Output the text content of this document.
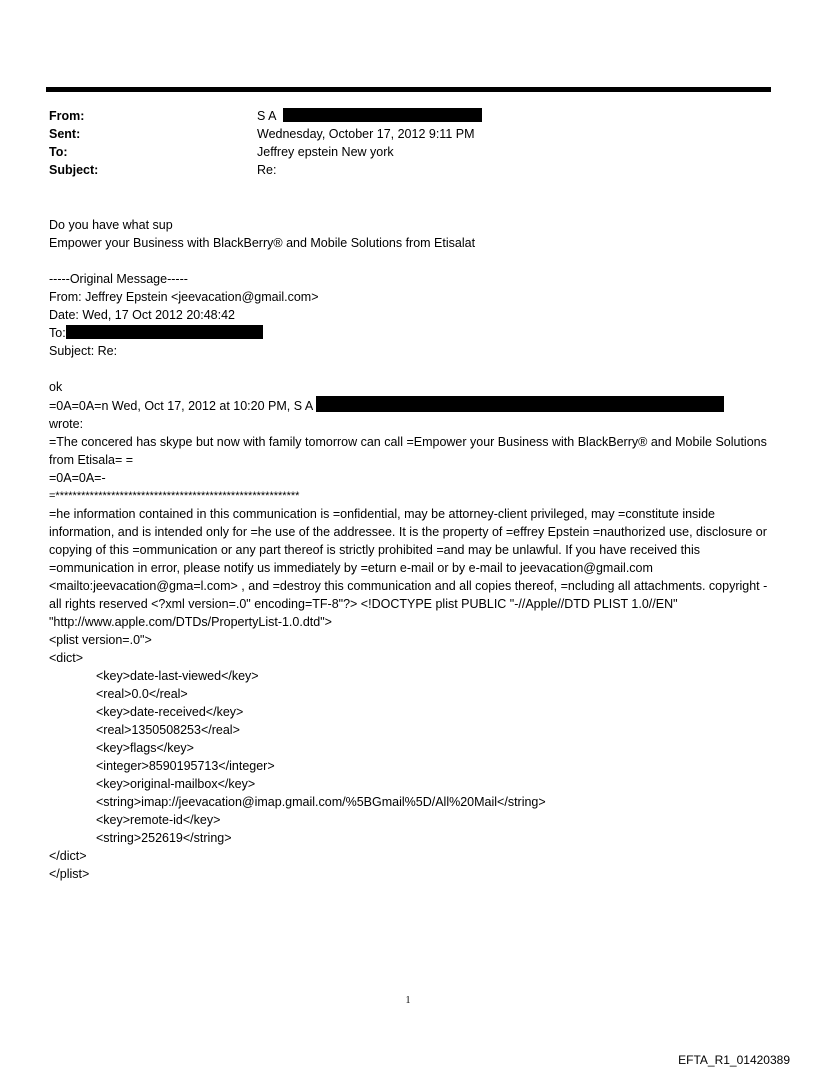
From:	S A
Sent:	Wednesday, October 17, 2012 9:11 PM
To:	Jeffrey epstein New york
Subject:	Re:
Do you have what sup
Empower your Business with BlackBerry® and Mobile Solutions from Etisalat
-----Original Message-----
From: Jeffrey Epstein <jeevacation@gmail.com>
Date: Wed, 17 Oct 2012 20:48:42
To:
Subject: Re:
ok
=0A=0A=n Wed, Oct 17, 2012 at 10:20 PM, S A
wrote:
=The concered has skype but now with family tomorrow can call =Empower your Business with BlackBerry® and Mobile Solutions from Etisala= =
=0A=0A=-
=*********************************************************
=he information contained in this communication is =onfidential, may be attorney-client privileged, may =constitute inside information, and is intended only for =he use of the addressee. It is the property of =effrey Epstein =nauthorized use, disclosure or copying of this =ommunication or any part thereof is strictly prohibited =and may be unlawful. If you have received this =ommunication in error, please notify us immediately by =eturn e-mail or by e-mail to jeevacation@gmail.com <mailto:jeevacation@gma=l.com> , and =destroy this communication and all copies thereof, =ncluding all attachments. copyright -all rights reserved <?xml version=.0" encoding=TF-8"?> <!DOCTYPE plist PUBLIC "-//Apple//DTD PLIST 1.0//EN" "http://www.apple.com/DTDs/PropertyList-1.0.dtd">
<plist version=.0">
<dict>
<key>date-last-viewed</key>
<real>0.0</real>
<key>date-received</key>
<real>1350508253</real>
<key>flags</key>
<integer>8590195713</integer>
<key>original-mailbox</key>
<string>imap://jeevacation@imap.gmail.com/%5BGmail%5D/All%20Mail</string>
<key>remote-id</key>
<string>252619</string>
</dict>
</plist>
1
EFTA_R1_01420389
